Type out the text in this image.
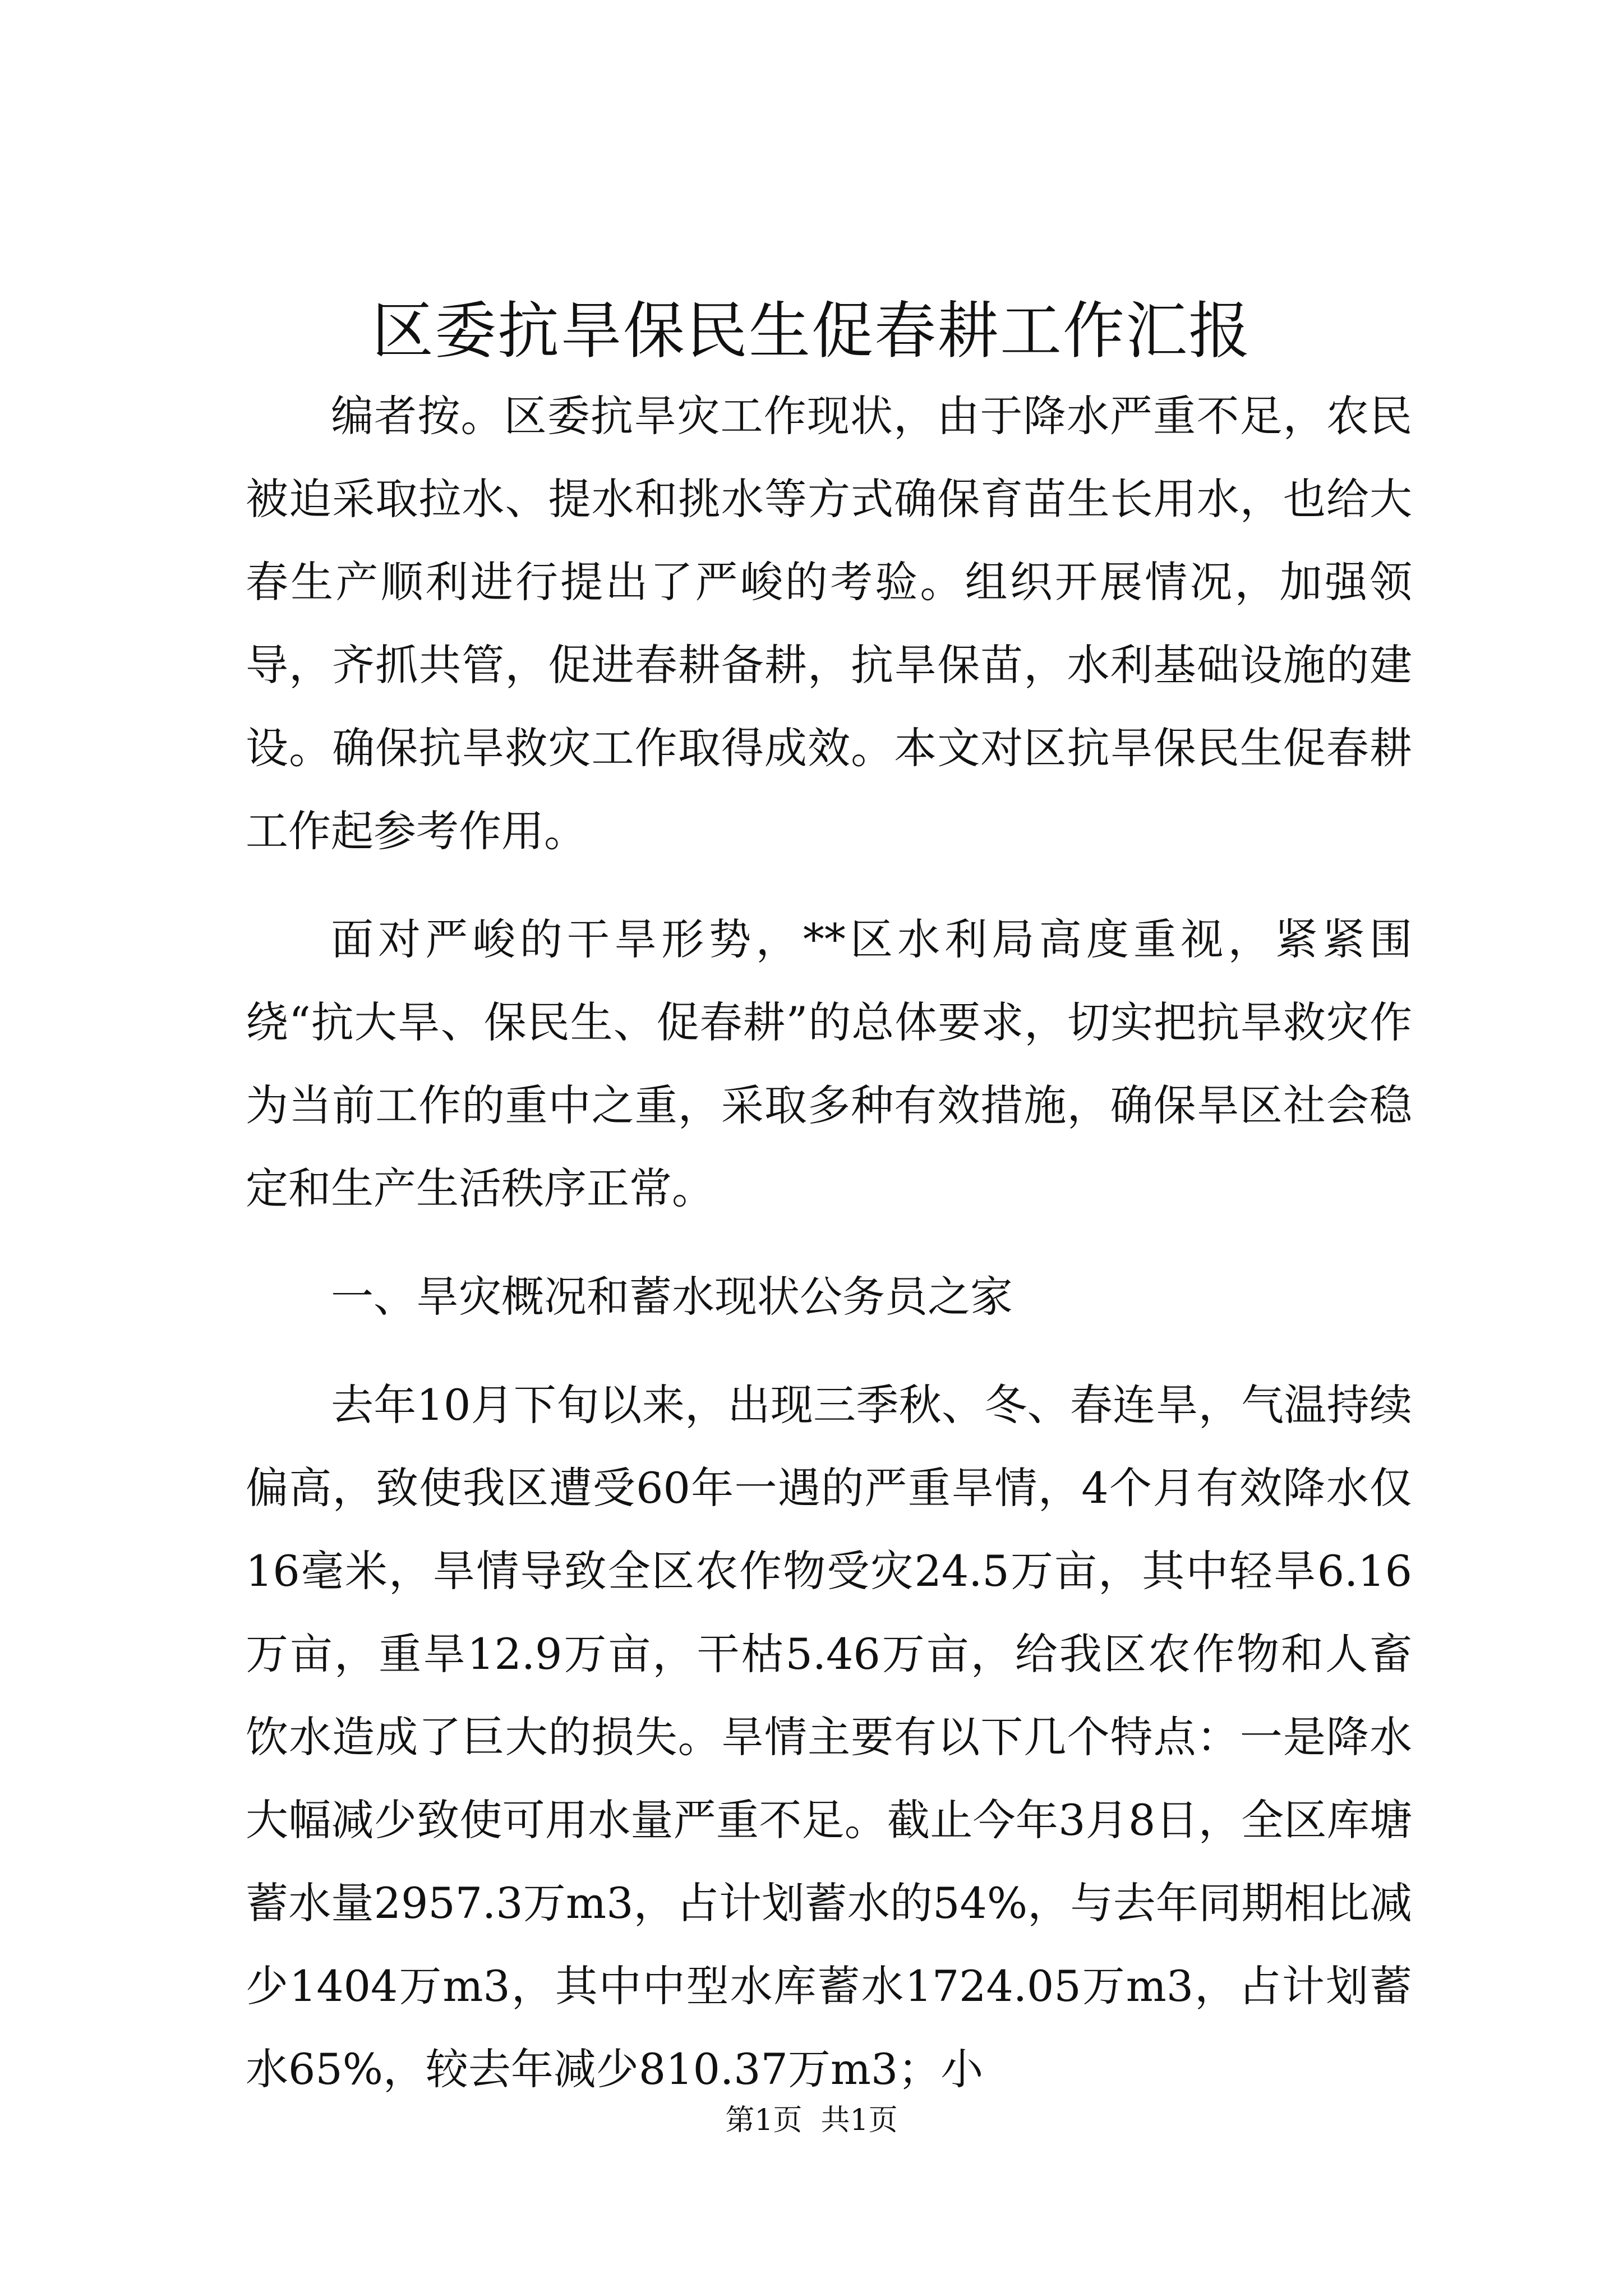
区委抗旱保民生促春耕工作汇报

编者按。区委抗旱灾工作现状，由于降水严重不足，农民被迫采取拉水、提水和挑水等方式确保育苗生长用水，也给大春生产顺利进行提出了严峻的考验。组织开展情况，加强领导，齐抓共管，促进春耕备耕，抗旱保苗，水利基础设施的建设。确保抗旱救灾工作取得成效。本文对区抗旱保民生促春耕工作起参考作用。

面对严峻的干旱形势，**区水利局高度重视，紧紧围绕“抗大旱、保民生、促春耕”的总体要求，切实把抗旱救灾作为当前工作的重中之重，采取多种有效措施，确保旱区社会稳定和生产生活秩序正常。

一、旱灾概况和蓄水现状公务员之家

去年10月下旬以来，出现三季秋、冬、春连旱，气温持续偏高，致使我区遭受60年一遇的严重旱情，4个月有效降水仅16毫米，旱情导致全区农作物受灾24.5万亩，其中轻旱6.16万亩，重旱12.9万亩，干枯5.46万亩，给我区农作物和人畜饮水造成了巨大的损失。旱情主要有以下几个特点：一是降水大幅减少致使可用水量严重不足。截止今年3月8日，全区库塘蓄水量2957.3万m3，占计划蓄水的54%，与去年同期相比减少1404万m3，其中中型水库蓄水1724.05万m3，占计划蓄水65%，较去年减少810.37万m3；小

第1页  共1页
